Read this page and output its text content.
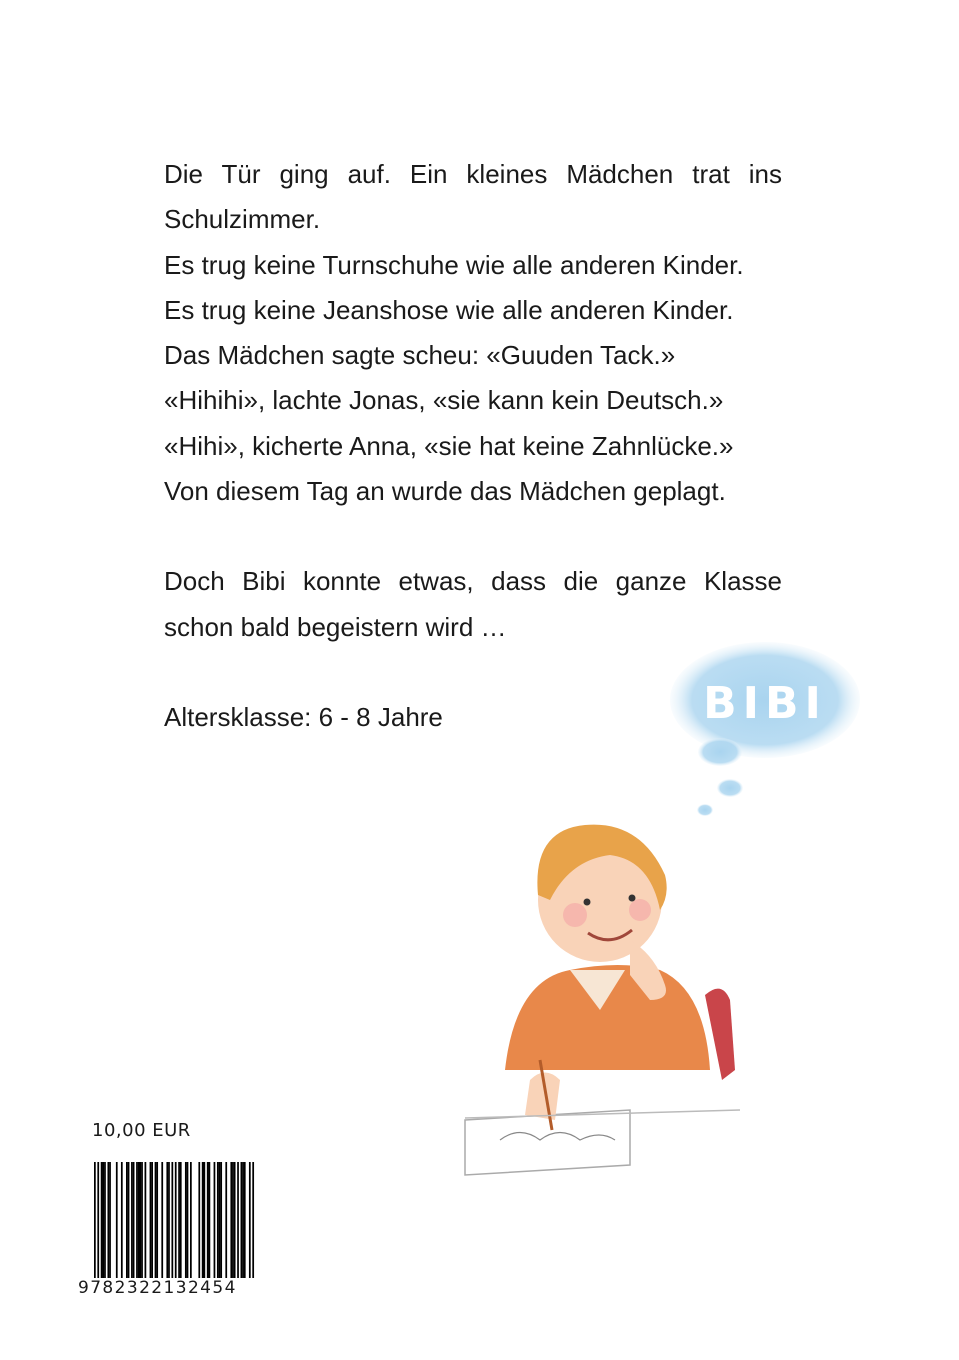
Die Tür ging auf. Ein kleines Mädchen trat ins Schulzimmer.

Es trug keine Turnschuhe wie alle anderen Kinder.

Es trug keine Jeanshose wie alle anderen Kinder.

Das Mädchen sagte scheu: «Guuden Tack.»

«Hihihi», lachte Jonas, «sie kann kein Deutsch.»

«Hihi», kicherte Anna, «sie hat keine Zahnlücke.»

Von diesem Tag an wurde das Mädchen geplagt.

Doch Bibi konnte etwas, dass die ganze Klasse schon bald begeistern wird …

Altersklasse: 6 - 8 Jahre	BIBI
10,00 EUR
9782322132454
